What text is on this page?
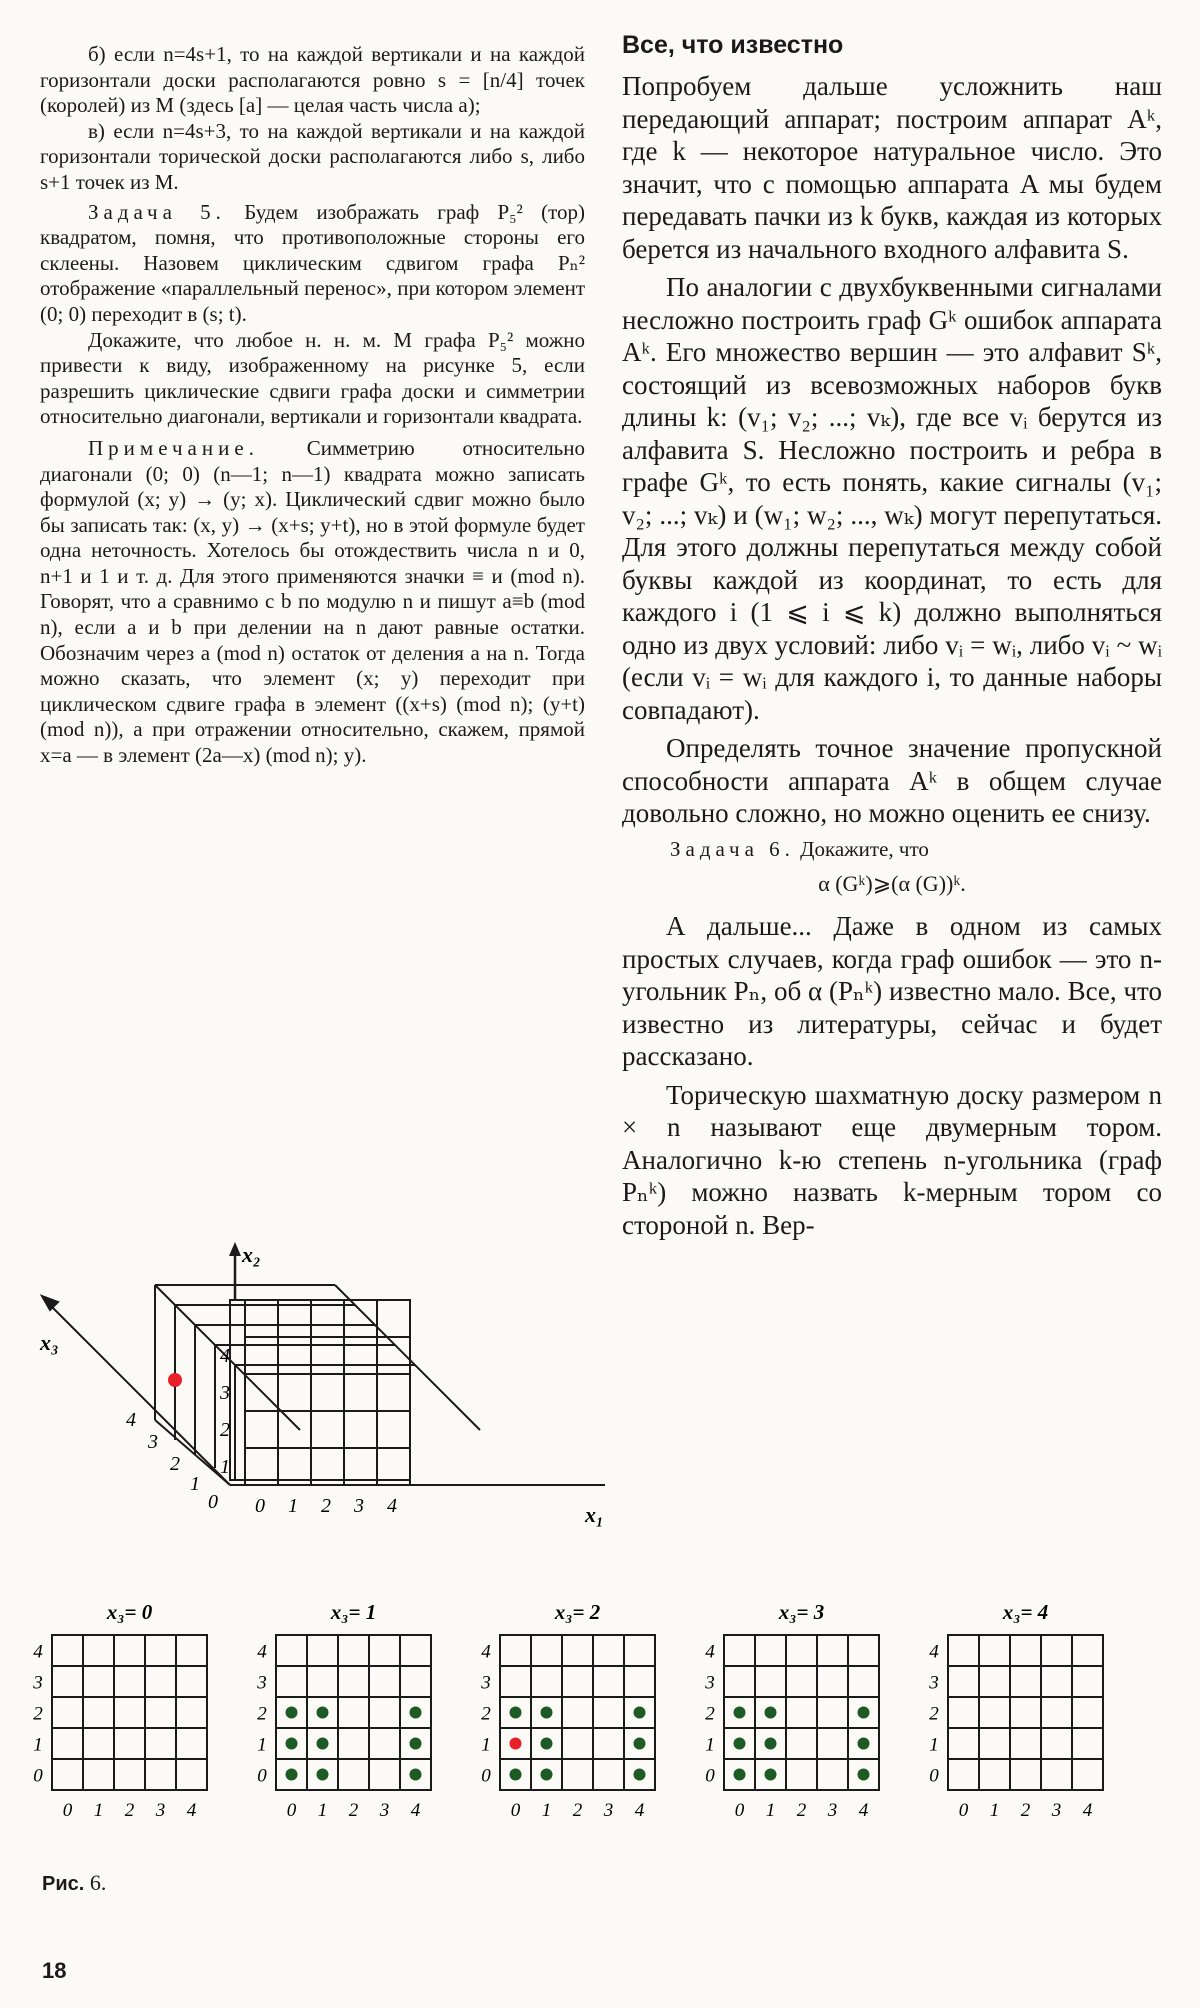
б) если n=4s+1, то на каждой вертикали и на каждой горизонтали доски располагаются ровно s = [n/4] точек (королей) из M (здесь [a] — целая часть числа a);

в) если n=4s+3, то на каждой вертикали и на каждой горизонтали торической доски располагаются либо s, либо s+1 точек из M.

Задача 5. Будем изображать граф P₅² (тор) квадратом, помня, что противоположные стороны его склеены. Назовем циклическим сдвигом графа Pₙ² отображение «параллельный перенос», при котором элемент (0; 0) переходит в (s; t).

Докажите, что любое н. н. м. M графа P₅² можно привести к виду, изображенному на рисунке 5, если разрешить циклические сдвиги графа доски и симметрии относительно диагонали, вертикали и горизонтали квадрата.

Примечание. Симметрию относительно диагонали (0; 0) (n—1; n—1) квадрата можно записать формулой (x; y) → (y; x). Циклический сдвиг можно было бы записать так: (x, y) → (x+s; y+t), но в этой формуле будет одна неточность. Хотелось бы отождествить числа n и 0, n+1 и 1 и т. д. Для этого применяются значки ≡ и (mod n). Говорят, что a сравнимо с b по модулю n и пишут a≡b (mod n), если a и b при делении на n дают равные остатки. Обозначим через a (mod n) остаток от деления a на n. Тогда можно сказать, что элемент (x; y) переходит при циклическом сдвиге графа в элемент ((x+s) (mod n); (y+t) (mod n)), а при отражении относительно, скажем, прямой x=a — в элемент (2a—x) (mod n); y).

Все, что известно

Попробуем дальше усложнить наш передающий аппарат; построим аппарат Aᵏ, где k — некоторое натуральное число. Это значит, что с помощью аппарата A мы будем передавать пачки из k букв, каждая из которых берется из начального входного алфавита S.

По аналогии с двухбуквенными сигналами несложно построить граф Gᵏ ошибок аппарата Aᵏ. Его множество вершин — это алфавит Sᵏ, состоящий из всевозможных наборов букв длины k: (v₁; v₂; ...; vₖ), где все vᵢ берутся из алфавита S. Несложно построить и ребра в графе Gᵏ, то есть понять, какие сигналы (v₁; v₂; ...; vₖ) и (w₁; w₂; ..., wₖ) могут перепутаться. Для этого должны перепутаться между собой буквы каждой из координат, то есть для каждого i (1 ⩽ i ⩽ k) должно выполняться одно из двух условий: либо vᵢ = wᵢ, либо vᵢ ~ wᵢ (если vᵢ = wᵢ для каждого i, то данные наборы совпадают).

Определять точное значение пропускной способности аппарата Aᵏ в общем случае довольно сложно, но можно оценить ее снизу.

Задача 6. Докажите, что
α (Gᵏ)⩾(α (G))ᵏ.

А дальше... Даже в одном из самых простых случаев, когда граф ошибок — это n-угольник Pₙ, об α (Pₙᵏ) известно мало. Все, что известно из литературы, сейчас и будет рассказано.

Торическую шахматную доску размером n × n называют еще двумерным тором. Аналогично k-ю степень n-угольника (граф Pₙᵏ) можно назвать k-мерным тором со стороной n. Вер-

x₃
x₂
x₁
0 1 2 3 4
1
2
3
4
0
1
2
3
4
x₃= 0
0
1
2
3
4
0 1 2 3 4
x₃= 1
0
1
2
3
4
0 1 2 3 4
x₃= 2
0
1
2
3
4
0 1 2 3 4
x₃= 3
0
1
2
3
4
0 1 2 3 4
x₃= 4
0
1
2
3
4
0 1 2 3 4
Рис. 6.
18
